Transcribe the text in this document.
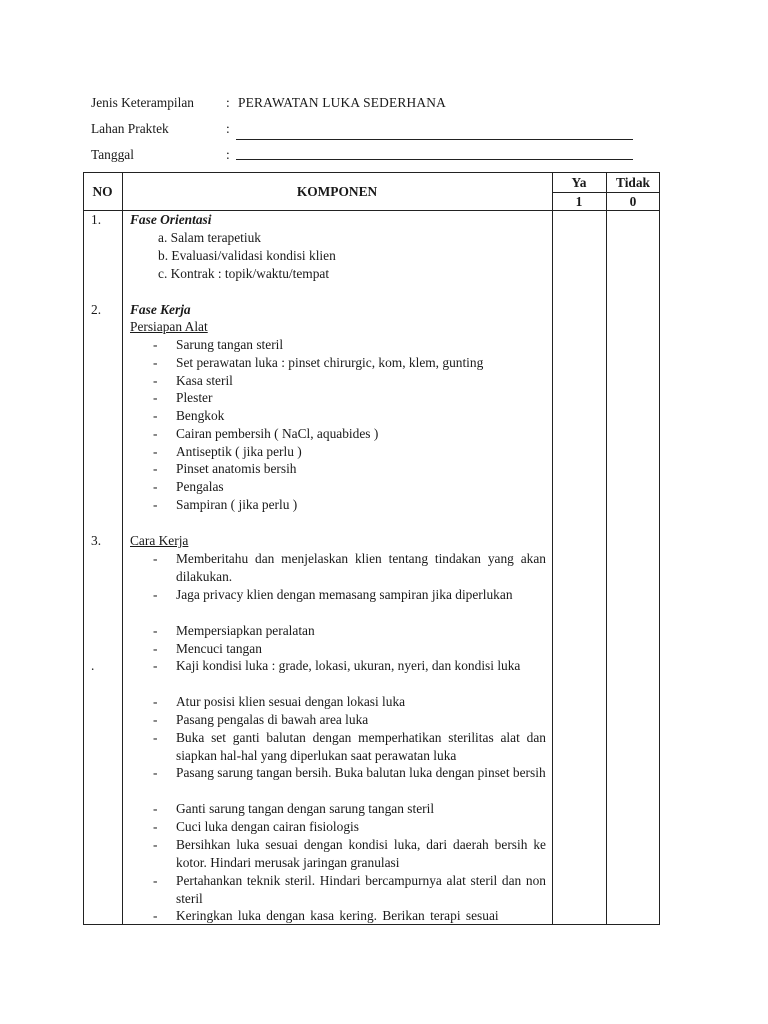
Jenis Keterampilan : PERAWATAN LUKA SEDERHANA
Lahan Praktek	:
Tanggal	:
NO	KOMPONEN
Ya	Tidak
1	0
1. Fase Orientasi
a. Salam terapetiuk
b. Evaluasi/validasi kondisi klien
c. Kontrak : topik/waktu/tempat
2. Fase Kerja
Persiapan Alat
- Sarung tangan steril
- Set perawatan luka : pinset chirurgic, kom, klem, gunting
- Kasa steril
- Plester
- Bengkok
- Cairan pembersih ( NaCl, aquabides )
- Antiseptik ( jika perlu )
- Pinset anatomis bersih
- Pengalas
- Sampiran ( jika perlu )
3. Cara Kerja
.
- Memberitahu dan menjelaskan klien tentang tindakan yang akan dilakukan.
- Jaga privacy klien dengan memasang sampiran jika diperlukan
- Mempersiapkan peralatan
- Mencuci tangan
- Kaji kondisi luka : grade, lokasi, ukuran, nyeri, dan kondisi luka
- Atur posisi klien sesuai dengan lokasi luka
- Pasang pengalas di bawah area luka
- Buka set ganti balutan dengan memperhatikan sterilitas alat dan siapkan hal-hal yang diperlukan saat perawatan luka
- Pasang sarung tangan bersih. Buka balutan luka dengan pinset bersih
- Ganti sarung tangan dengan sarung tangan steril
- Cuci luka dengan cairan fisiologis
- Bersihkan luka sesuai dengan kondisi luka, dari daerah bersih ke kotor. Hindari merusak jaringan granulasi
- Pertahankan teknik steril. Hindari bercampurnya alat steril dan non steril
- Keringkan luka dengan kasa kering. Berikan terapi sesuai
